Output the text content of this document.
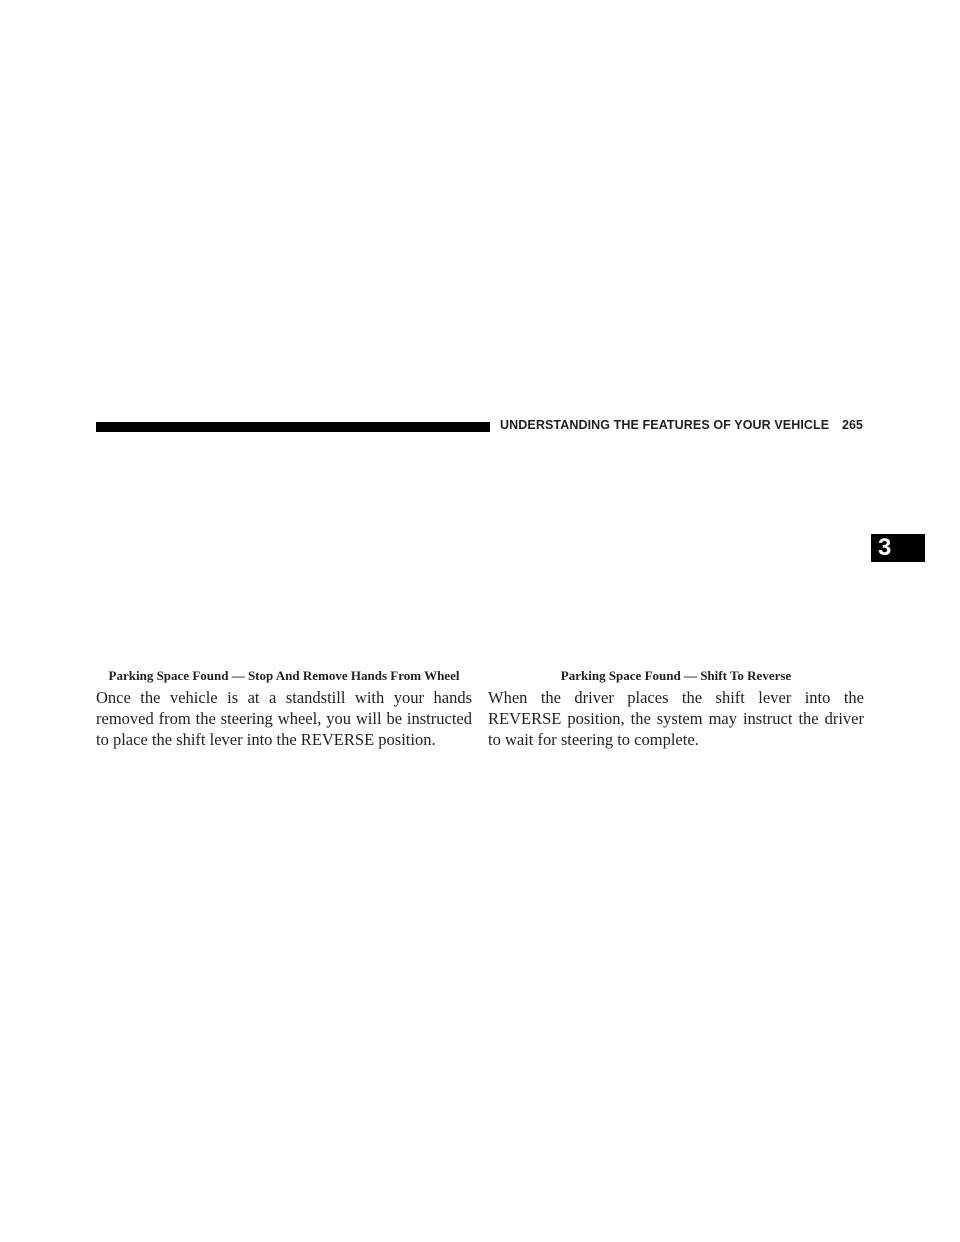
UNDERSTANDING THE FEATURES OF YOUR VEHICLE 265
3

Parking Space Found — Stop And Remove Hands From Wheel

Once the vehicle is at a standstill with your hands removed from the steering wheel, you will be instructed to place the shift lever into the REVERSE position.

Parking Space Found — Shift To Reverse

When the driver places the shift lever into the REVERSE position, the system may instruct the driver to wait for steering to complete.
